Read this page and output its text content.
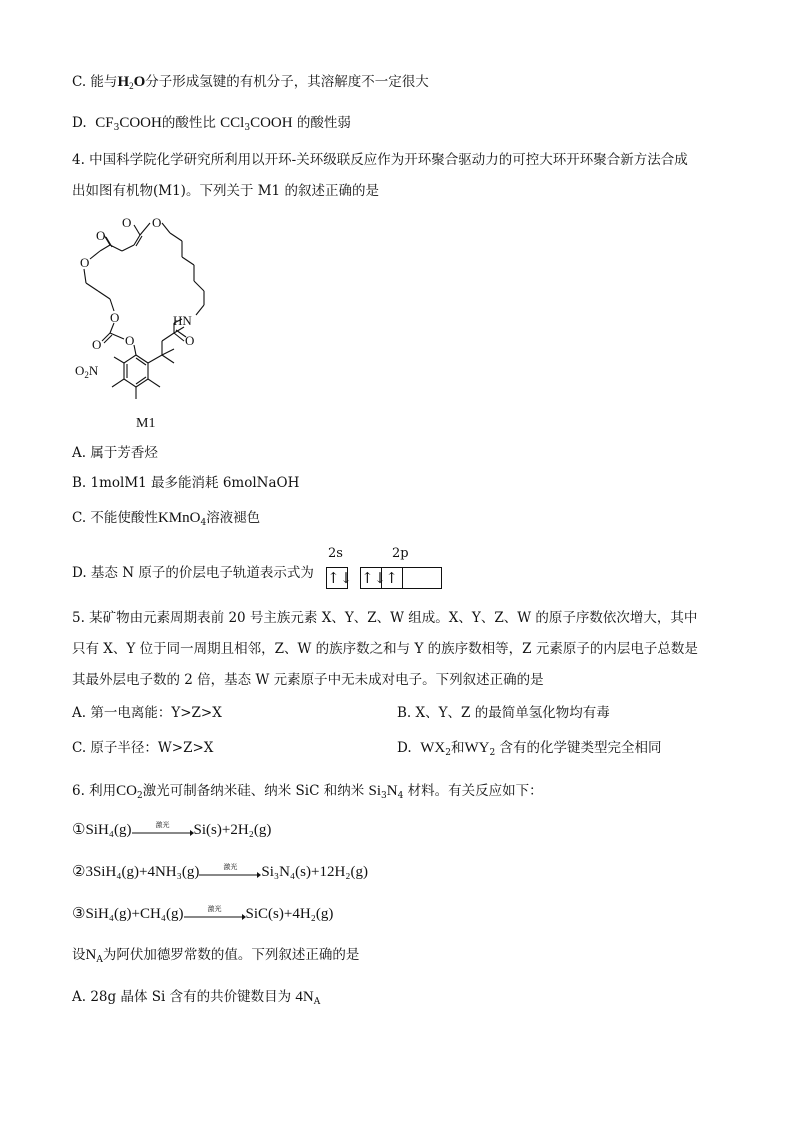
C. 能与$H_2O$分子形成氢键的有机分子，其溶解度不一定很大
D. $CF_3COOH$的酸性比 CCl$_3$COOH 的酸性弱
4. 中国科学院化学研究所利用以开环-关环级联反应作为开环聚合驱动力的可控大环开环聚合新方法合成
出如图有机物(M1)。下列关于 M1 的叙述正确的是
O O
O
O
O
O O
HN
O
$O_2N$
M1
A. 属于芳香烃
B. 1molM1 最多能消耗 6molNaOH
C. 不能使酸性KMnO$_4$溶液褪色
D. 基态 N 原子的价层电子轨道表示式为
2s	2p
↑↓ ↑↓ ↑
5. 某矿物由元素周期表前 20 号主族元素 X、Y、Z、W 组成。X、Y、Z、W 的原子序数依次增大，其中
只有 X、Y 位于同一周期且相邻，Z、W 的族序数之和与 Y 的族序数相等，Z 元素原子的内层电子总数是
其最外层电子数的 2 倍，基态 W 元素原子中无未成对电子。下列叙述正确的是
A. 第一电离能：Y>Z>X	B. X、Y、Z 的最简单氢化物均有毒
C. 原子半径：W>Z>X	D. $WX_2$和$WY_2$ 含有的化学键类型完全相同
6. 利用$CO_2$激光可制备纳米硅、纳米 SiC 和纳米 $Si_3N_4$ 材料。有关反应如下：
①SiH₄(g)	激光	Si(s)+2H₂(g)
②3SiH₄(g)+4NH₃(g)	激光	Si₃N₄(s)+12H₂(g)
③SiH₄(g)+CH₄(g)	激光	SiC(s)+4H₂(g)
设$N_A$为阿伏加德罗常数的值。下列叙述正确的是
A. 28g 晶体 Si 含有的共价键数目为 $4N_A$
